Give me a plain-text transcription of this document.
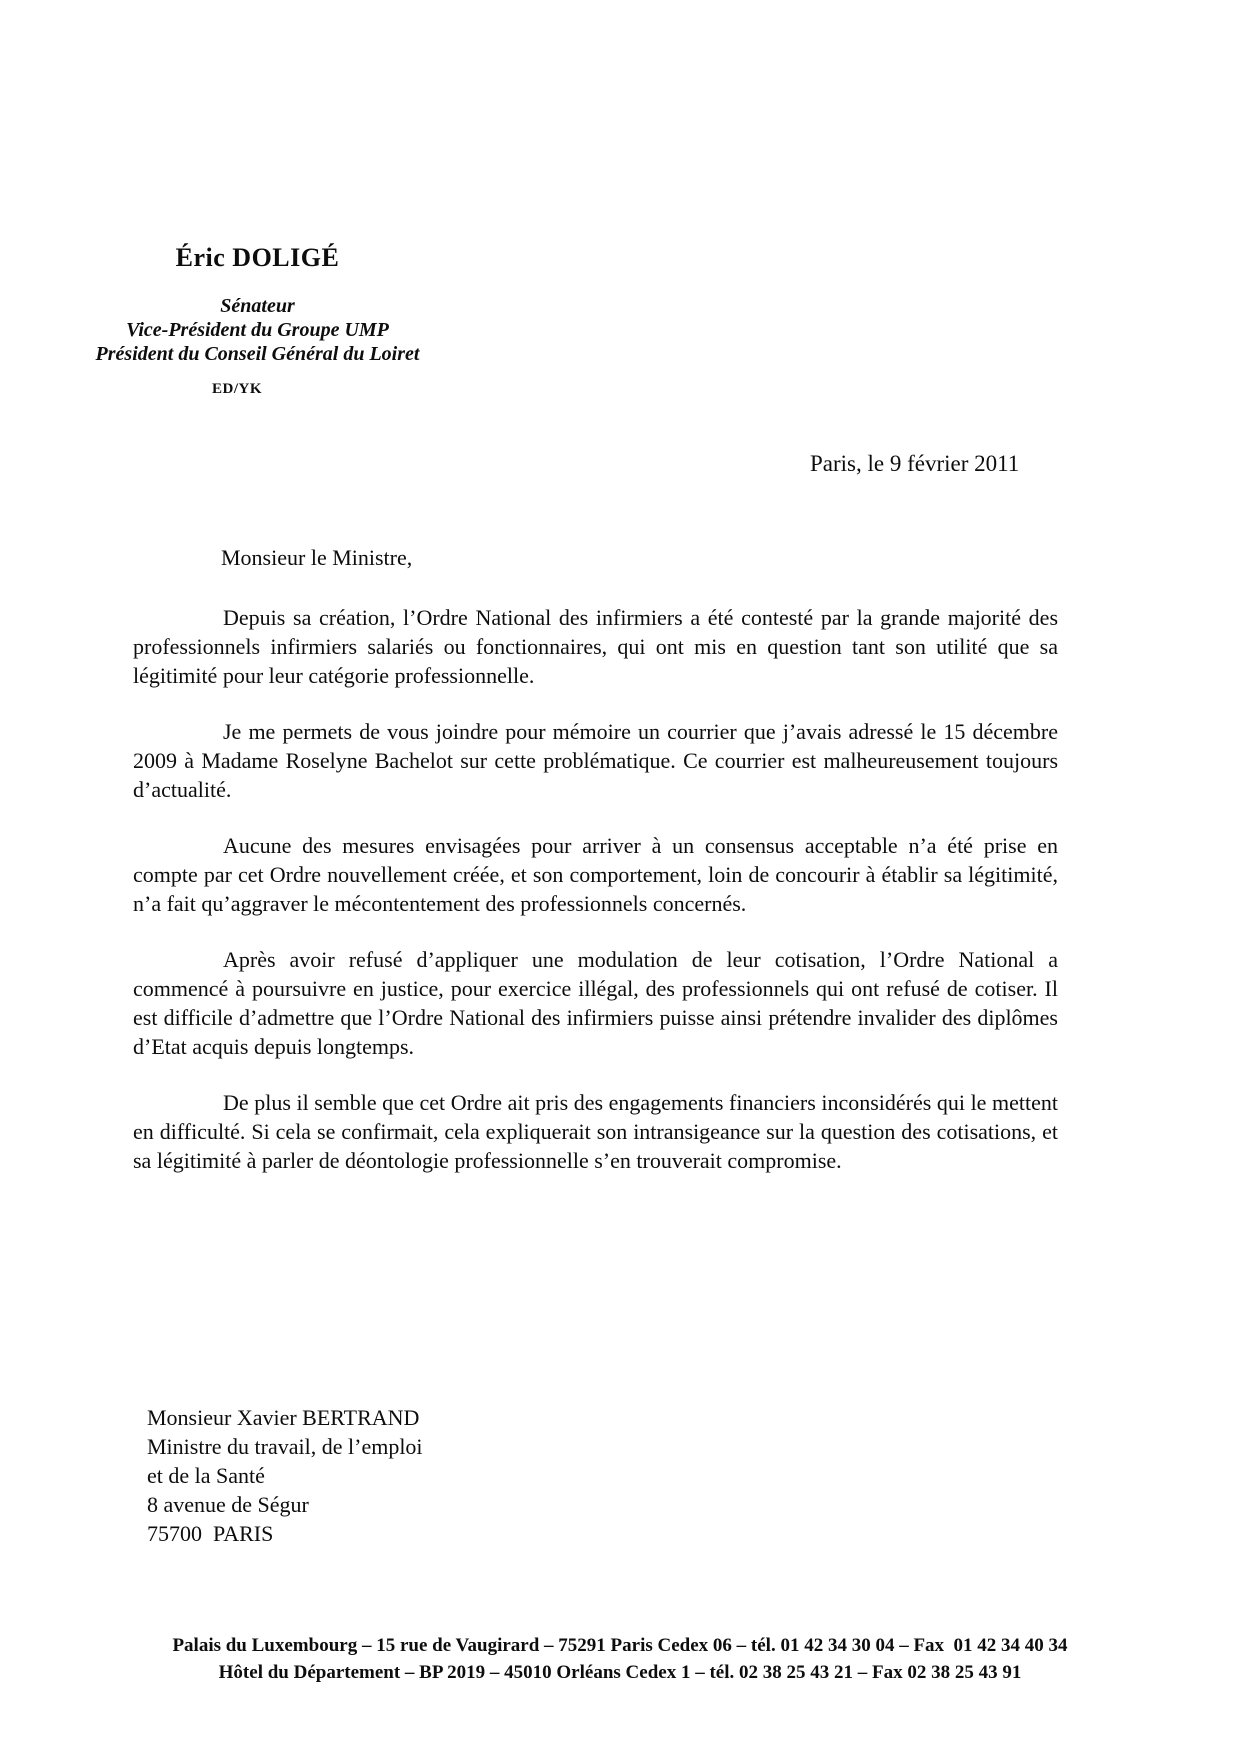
Éric DOLIGÉ
Sénateur
Vice-Président du Groupe UMP
Président du Conseil Général du Loiret
ED/YK
Paris, le 9 février 2011

Monsieur le Ministre,

Depuis sa création, l’Ordre National des infirmiers a été contesté par la grande majorité des professionnels infirmiers salariés ou fonctionnaires, qui ont mis en question tant son utilité que sa légitimité pour leur catégorie professionnelle.

Je me permets de vous joindre pour mémoire un courrier que j’avais adressé le 15 décembre 2009 à Madame Roselyne Bachelot sur cette problématique. Ce courrier est malheureusement toujours d’actualité.

Aucune des mesures envisagées pour arriver à un consensus acceptable n’a été prise en compte par cet Ordre nouvellement créée, et son comportement, loin de concourir à établir sa légitimité, n’a fait qu’aggraver le mécontentement des professionnels concernés.

Après avoir refusé d’appliquer une modulation de leur cotisation, l’Ordre National a commencé à poursuivre en justice, pour exercice illégal, des professionnels qui ont refusé de cotiser. Il est difficile d’admettre que l’Ordre National des infirmiers puisse ainsi prétendre invalider des diplômes d’Etat acquis depuis longtemps.

De plus il semble que cet Ordre ait pris des engagements financiers inconsidérés qui le mettent en difficulté. Si cela se confirmait, cela expliquerait son intransigeance sur la question des cotisations, et sa légitimité à parler de déontologie professionnelle s’en trouverait compromise.

Monsieur Xavier BERTRAND
Ministre du travail, de l’emploi
et de la Santé
8 avenue de Ségur
75700  PARIS
Palais du Luxembourg – 15 rue de Vaugirard – 75291 Paris Cedex 06 – tél. 01 42 34 30 04 – Fax  01 42 34 40 34
Hôtel du Département – BP 2019 – 45010 Orléans Cedex 1 – tél. 02 38 25 43 21 – Fax 02 38 25 43 91
